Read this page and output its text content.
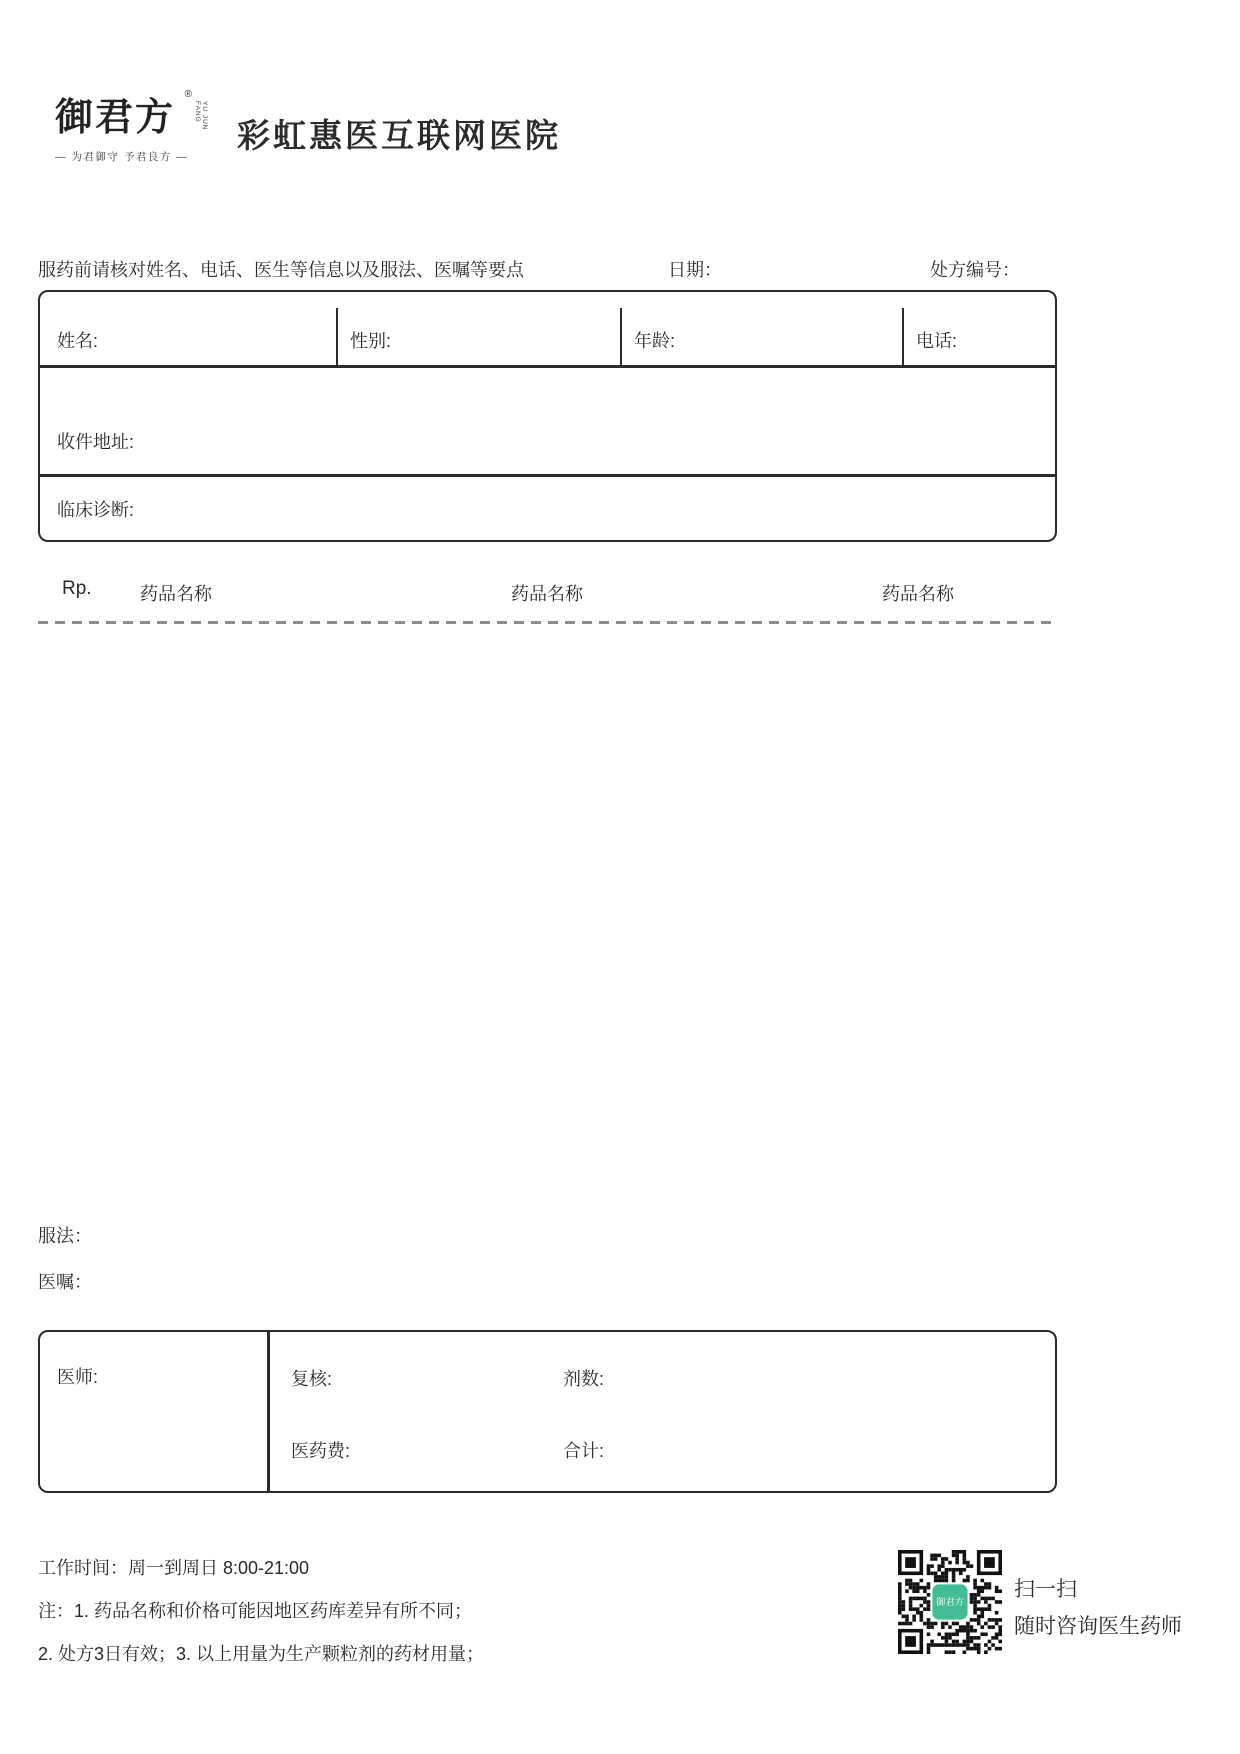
御君方 ®
YU JUN FANG
— 为君御守 予君良方 —
彩虹惠医互联网医院
服药前请核对姓名、电话、医生等信息以及服法、医嘱等要点	日期：	处方编号：
姓名:	性别:	年龄:	电话:
收件地址:
临床诊断:
Rp.	药品名称	药品名称	药品名称
服法：
医嘱：
医师:	复核:	剂数:
医药费:	合计:
工作时间：周一到周日 8:00-21:00
注：1. 药品名称和价格可能因地区药库差异有所不同；
2. 处方3日有效；3. 以上用量为生产颗粒剂的药材用量；
御君方
扫一扫
随时咨询医生药师
